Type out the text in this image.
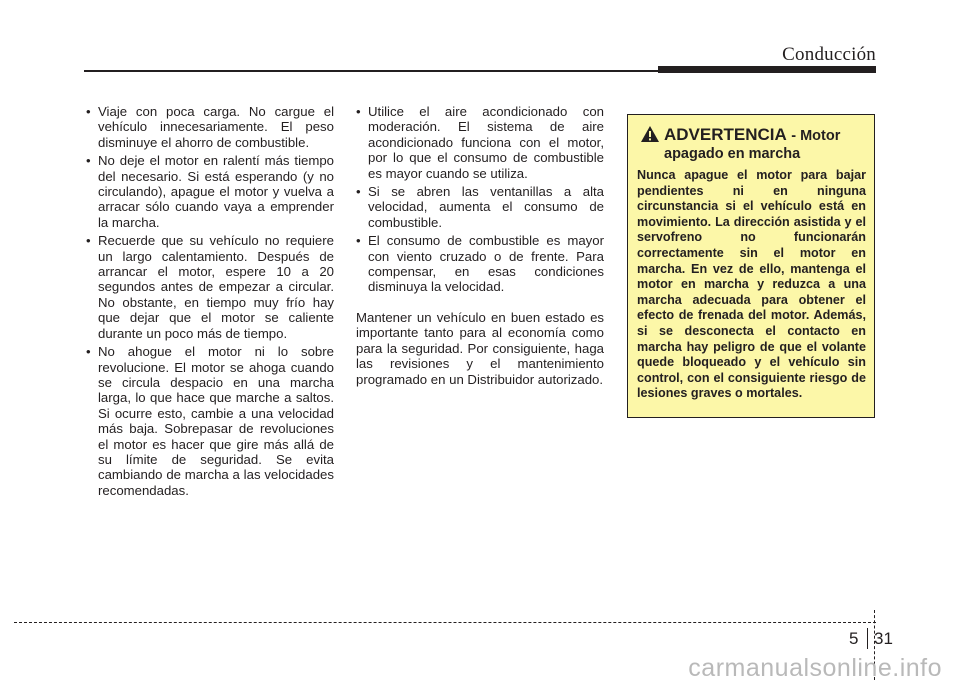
Conducción
• Viaje con poca carga. No cargue el vehículo innecesariamente. El peso disminuye el ahorro de combustible.
• No deje el motor en ralentí más tiempo del necesario. Si está esperando (y no circulando), apague el motor y vuelva a arracar sólo cuando vaya a emprender la marcha.
• Recuerde que su vehículo no requiere un largo calentamiento. Después de arrancar el motor, espere 10 a 20 segundos antes de empezar a circular. No obstante, en tiempo muy frío hay que dejar que el motor se caliente durante un poco más de tiempo.
• No ahogue el motor ni lo sobre revolucione. El motor se ahoga cuando se circula despacio en una marcha larga, lo que hace que marche a saltos. Si ocurre esto, cambie a una velocidad más baja. Sobrepasar de revoluciones el motor es hacer que gire más allá de su límite de seguridad. Se evita cambiando de marcha a las velocidades recomendadas.
• Utilice el aire acondicionado con moderación. El sistema de aire acondicionado funciona con el motor, por lo que el consumo de combustible es mayor cuando se utiliza.
• Si se abren las ventanillas a alta velocidad, aumenta el consumo de combustible.
• El consumo de combustible es mayor con viento cruzado o de frente. Para compensar, en esas condiciones disminuya la velocidad.

Mantener un vehículo en buen estado es importante tanto para al economía como para la seguridad. Por consiguiente, haga las revisiones y el mantenimiento programado en un Distribuidor autorizado.

ADVERTENCIA - Motor
apagado en marcha
Nunca apague el motor para bajar pendientes ni en ninguna circunstancia si el vehículo está en movimiento. La dirección asistida y el servofreno no funcionarán correctamente sin el motor en marcha. En vez de ello, mantenga el motor en marcha y reduzca a una marcha adecuada para obtener el efecto de frenada del motor. Además, si se desconecta el contacto en marcha hay peligro de que el volante quede bloqueado y el vehículo sin control, con el consiguiente riesgo de lesiones graves o mortales.
5 31
carmanualsonline.info
